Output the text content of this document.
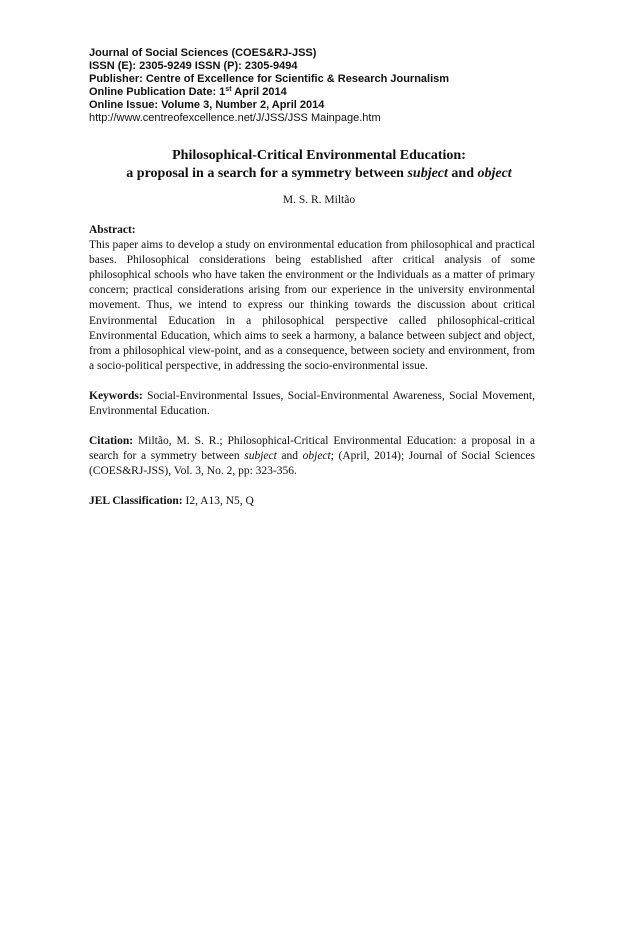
Journal of Social Sciences (COES&RJ-JSS)
ISSN (E): 2305-9249 ISSN (P): 2305-9494
Publisher: Centre of Excellence for Scientific & Research Journalism
Online Publication Date: 1st April 2014
Online Issue: Volume 3, Number 2, April 2014
http://www.centreofexcellence.net/J/JSS/JSS Mainpage.htm
Philosophical-Critical Environmental Education:
a proposal in a search for a symmetry between subject and object
M. S. R. Miltão

Abstract:

This paper aims to develop a study on environmental education from philosophical and practical bases. Philosophical considerations being established after critical analysis of some philosophical schools who have taken the environment or the Individuals as a matter of primary concern; practical considerations arising from our experience in the university environmental movement. Thus, we intend to express our thinking towards the discussion about critical Environmental Education in a philosophical perspective called philosophical-critical Environmental Education, which aims to seek a harmony, a balance between subject and object, from a philosophical view-point, and as a consequence, between society and environment, from a socio-political perspective, in addressing the socio-environmental issue.

Keywords: Social-Environmental Issues, Social-Environmental Awareness, Social Movement, Environmental Education.

Citation: Miltão, M. S. R.; Philosophical-Critical Environmental Education: a proposal in a search for a symmetry between subject and object; (April, 2014); Journal of Social Sciences (COES&RJ-JSS), Vol. 3, No. 2, pp: 323-356.

JEL Classification: I2, A13, N5, Q
